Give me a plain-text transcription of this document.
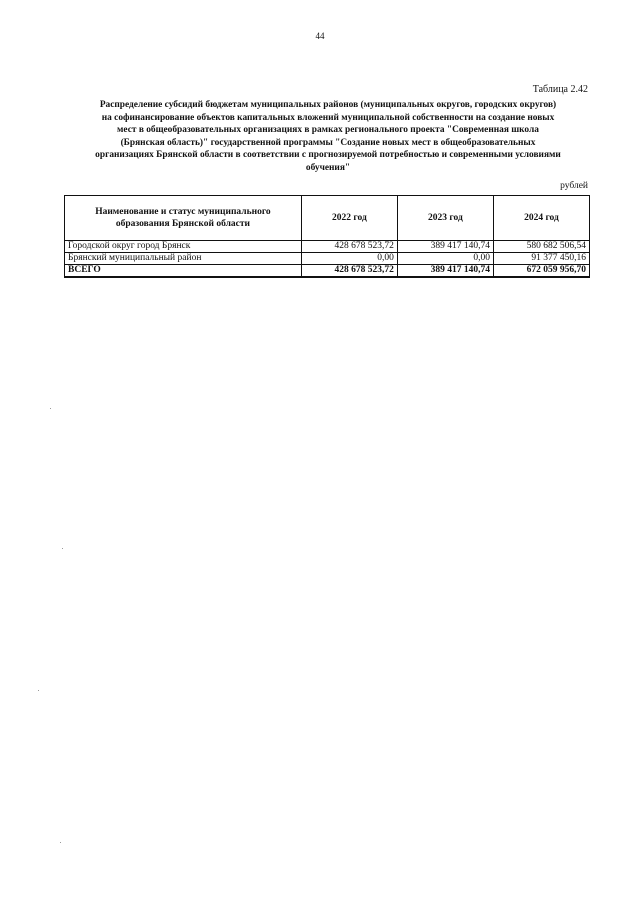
44
Таблица 2.42
Распределение субсидий бюджетам муниципальных районов (муниципальных округов, городских округов)
на софинансирование объектов капитальных вложений муниципальной собственности на создание новых
мест в общеобразовательных организациях в рамках регионального проекта "Современная школа
(Брянская область)" государственной программы "Создание новых мест в общеобразовательных
организациях Брянской области в соответствии с прогнозируемой потребностью и современными условиями
обучения"
рублей
Наименование и статус муниципального образования Брянской области	2022 год	2023 год	2024 год
Городской округ город Брянск	428 678 523,72	389 417 140,74	580 682 506,54
Брянский муниципальный район	0,00	0,00	91 377 450,16
ВСЕГО	428 678 523,72	389 417 140,74	672 059 956,70
